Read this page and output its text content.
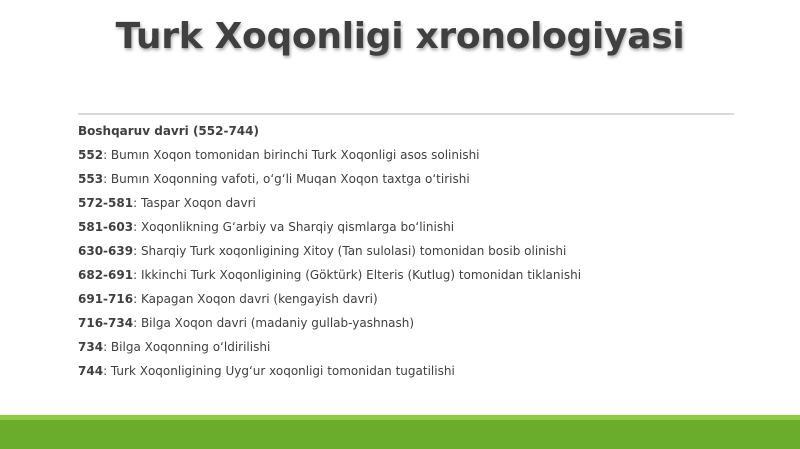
Turk Xoqonligi xronologiyasi
Boshqaruv davri (552-744)
552: Bumın Xoqon tomonidan birinchi Turk Xoqonligi asos solinishi
553: Bumın Xoqonning vafoti, oʻgʻli Muqan Xoqon taxtga oʻtirishi
572-581: Taspar Xoqon davri
581-603: Xoqonlikning Gʻarbiy va Sharqiy qismlarga boʻlinishi
630-639: Sharqiy Turk xoqonligining Xitoy (Tan sulolasi) tomonidan bosib olinishi
682-691: Ikkinchi Turk Xoqonligining (Göktürk) Elteris (Kutlug) tomonidan tiklanishi
691-716: Kapagan Xoqon davri (kengayish davri)
716-734: Bilga Xoqon davri (madaniy gullab-yashnash)
734: Bilga Xoqonning oʻldirilishi
744: Turk Xoqonligining Uygʻur xoqonligi tomonidan tugatilishi
